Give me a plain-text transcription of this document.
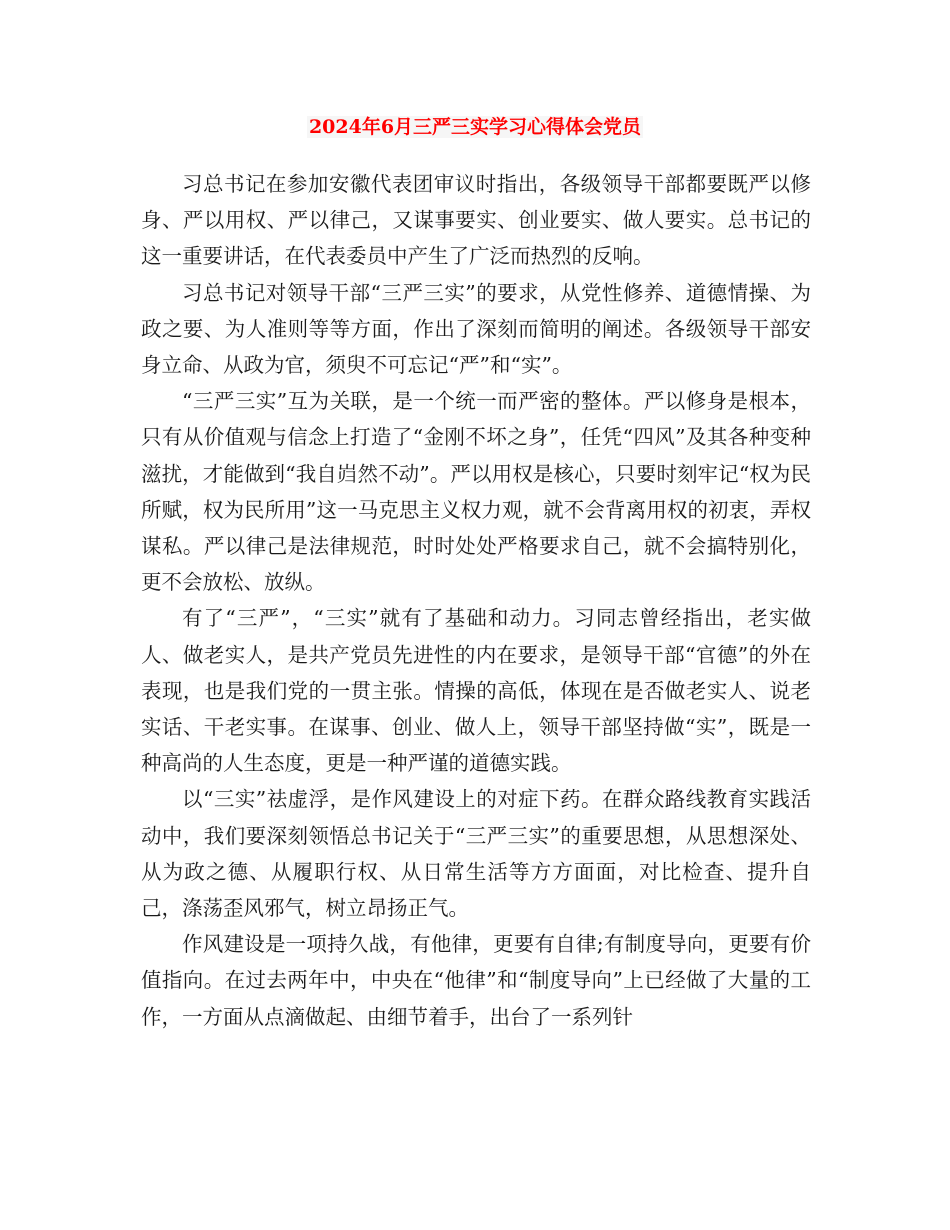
2024年6月三严三实学习心得体会党员

习总书记在参加安徽代表团审议时指出，各级领导干部都要既严以修身、严以用权、严以律己，又谋事要实、创业要实、做人要实。总书记的这一重要讲话，在代表委员中产生了广泛而热烈的反响。

习总书记对领导干部“三严三实”的要求，从党性修养、道德情操、为政之要、为人准则等等方面，作出了深刻而简明的阐述。各级领导干部安身立命、从政为官，须臾不可忘记“严”和“实”。

“三严三实”互为关联，是一个统一而严密的整体。严以修身是根本，只有从价值观与信念上打造了“金刚不坏之身”，任凭“四风”及其各种变种滋扰，才能做到“我自岿然不动”。严以用权是核心，只要时刻牢记“权为民所赋，权为民所用”这一马克思主义权力观，就不会背离用权的初衷，弄权谋私。严以律己是法律规范，时时处处严格要求自己，就不会搞特别化，更不会放松、放纵。

有了“三严”，“三实”就有了基础和动力。习同志曾经指出，老实做人、做老实人，是共产党员先进性的内在要求，是领导干部“官德”的外在表现，也是我们党的一贯主张。情操的高低，体现在是否做老实人、说老实话、干老实事。在谋事、创业、做人上，领导干部坚持做“实”，既是一种高尚的人生态度，更是一种严谨的道德实践。

以“三实”祛虚浮，是作风建设上的对症下药。在群众路线教育实践活动中，我们要深刻领悟总书记关于“三严三实”的重要思想，从思想深处、从为政之德、从履职行权、从日常生活等方方面面，对比检查、提升自己，涤荡歪风邪气，树立昂扬正气。

作风建设是一项持久战，有他律，更要有自律;有制度导向，更要有价值指向。在过去两年中，中央在“他律”和“制度导向”上已经做了大量的工作，一方面从点滴做起、由细节着手，出台了一系列针
